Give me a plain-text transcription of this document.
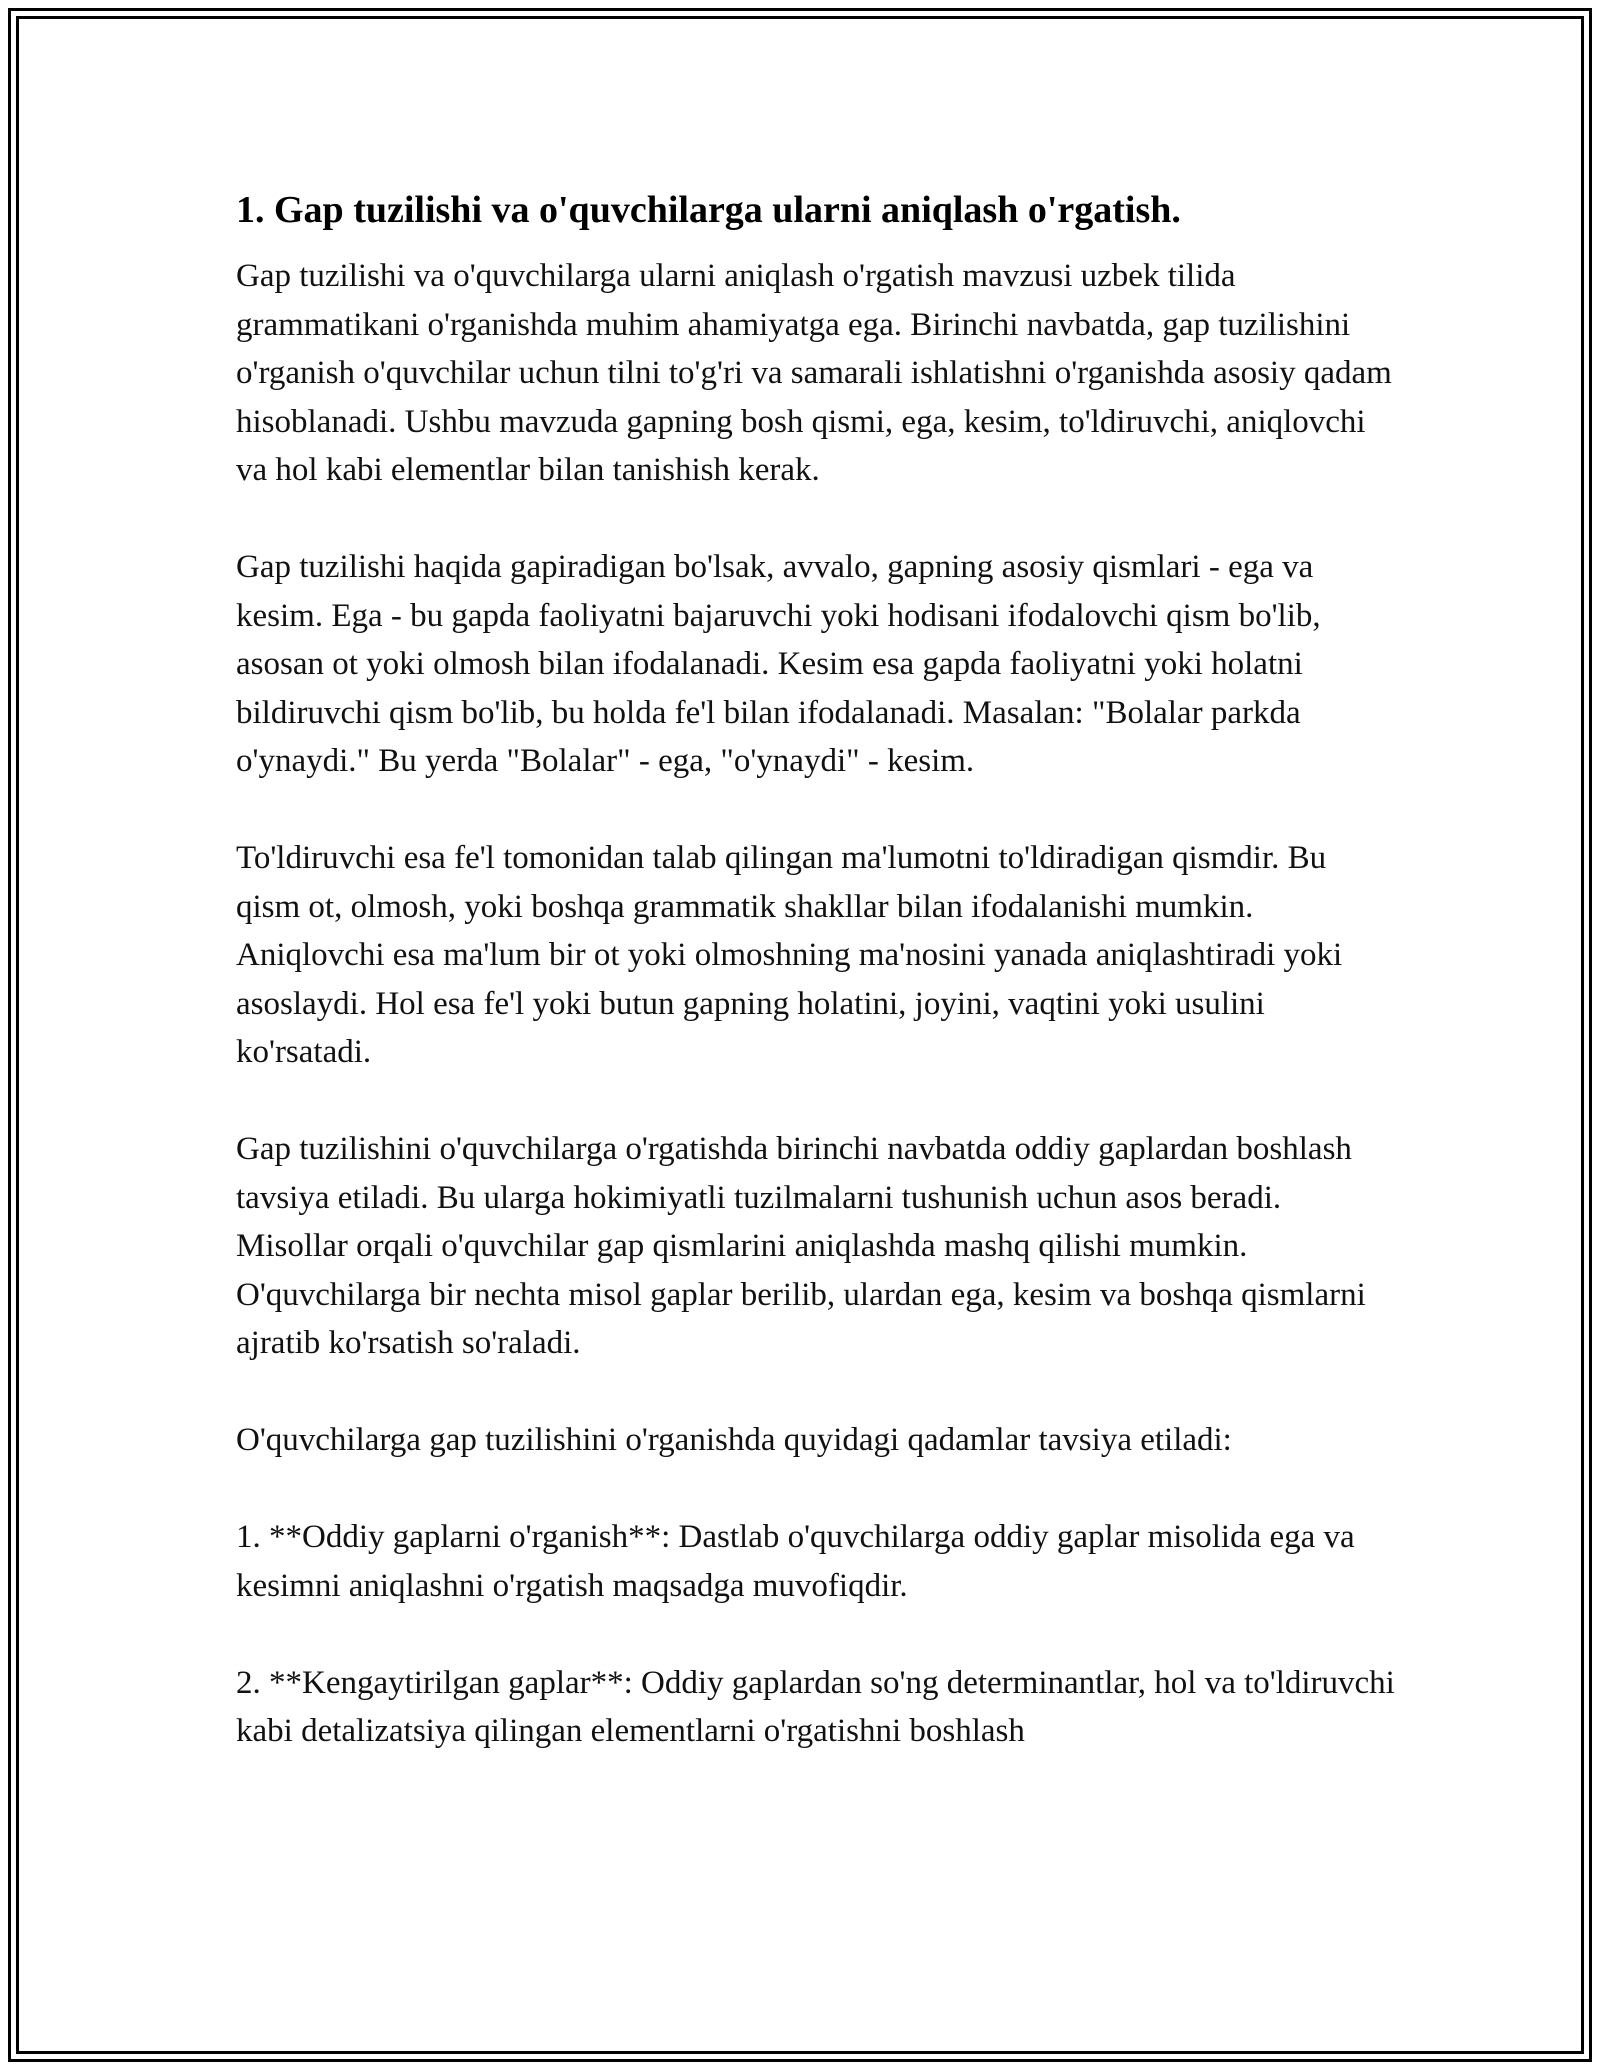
1. Gap tuzilishi va o'quvchilarga ularni aniqlash o'rgatish.

Gap tuzilishi va o'quvchilarga ularni aniqlash o'rgatish mavzusi uzbek tilida grammatikani o'rganishda muhim ahamiyatga ega. Birinchi navbatda, gap tuzilishini o'rganish o'quvchilar uchun tilni to'g'ri va samarali ishlatishni o'rganishda asosiy qadam hisoblanadi. Ushbu mavzuda gapning bosh qismi, ega, kesim, to'ldiruvchi, aniqlovchi va hol kabi elementlar bilan tanishish kerak.

Gap tuzilishi haqida gapiradigan bo'lsak, avvalo, gapning asosiy qismlari - ega va kesim. Ega - bu gapda faoliyatni bajaruvchi yoki hodisani ifodalovchi qism bo'lib, asosan ot yoki olmosh bilan ifodalanadi. Kesim esa gapda faoliyatni yoki holatni bildiruvchi qism bo'lib, bu holda fe'l bilan ifodalanadi. Masalan: "Bolalar parkda o'ynaydi." Bu yerda "Bolalar" - ega, "o'ynaydi" - kesim.

To'ldiruvchi esa fe'l tomonidan talab qilingan ma'lumotni to'ldiradigan qismdir. Bu qism ot, olmosh, yoki boshqa grammatik shakllar bilan ifodalanishi mumkin. Aniqlovchi esa ma'lum bir ot yoki olmoshning ma'nosini yanada aniqlashtiradi yoki asoslaydi. Hol esa fe'l yoki butun gapning holatini, joyini, vaqtini yoki usulini ko'rsatadi.

Gap tuzilishini o'quvchilarga o'rgatishda birinchi navbatda oddiy gaplardan boshlash tavsiya etiladi. Bu ularga hokimiyatli tuzilmalarni tushunish uchun asos beradi. Misollar orqali o'quvchilar gap qismlarini aniqlashda mashq qilishi mumkin. O'quvchilarga bir nechta misol gaplar berilib, ulardan ega, kesim va boshqa qismlarni ajratib ko'rsatish so'raladi.

O'quvchilarga gap tuzilishini o'rganishda quyidagi qadamlar tavsiya etiladi:

1. **Oddiy gaplarni o'rganish**: Dastlab o'quvchilarga oddiy gaplar misolida ega va kesimni aniqlashni o'rgatish maqsadga muvofiqdir.

2. **Kengaytirilgan gaplar**: Oddiy gaplardan so'ng determinantlar, hol va to'ldiruvchi kabi detalizatsiya qilingan elementlarni o'rgatishni boshlash
